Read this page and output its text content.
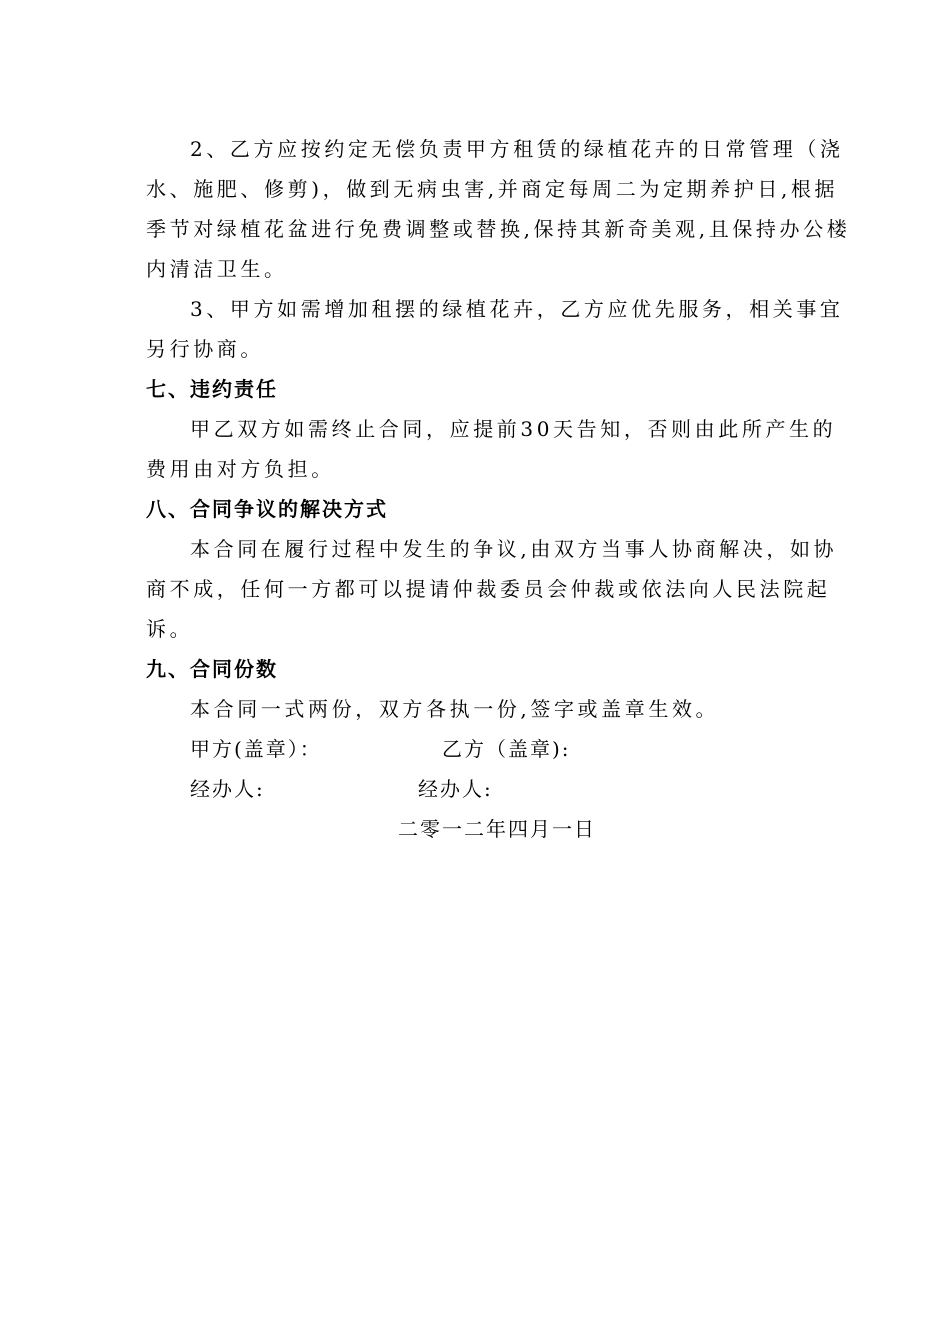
2、乙方应按约定无偿负责甲方租赁的绿植花卉的日常管理（浇
水、施肥、修剪)，做到无病虫害,并商定每周二为定期养护日,根据
季节对绿植花盆进行免费调整或替换,保持其新奇美观,且保持办公楼
内清洁卫生。
3、甲方如需增加租摆的绿植花卉，乙方应优先服务，相关事宜
另行协商。
七、违约责任
甲乙双方如需终止合同，应提前30天告知，否则由此所产生的
费用由对方负担。
八、合同争议的解决方式
本合同在履行过程中发生的争议,由双方当事人协商解决，如协
商不成，任何一方都可以提请仲裁委员会仲裁或依法向人民法院起
诉。
九、合同份数
本合同一式两份，双方各执一份,签字或盖章生效。
甲方(盖章）：	乙方（盖章):
经办人:	经办人:
二零一二年四月一日
